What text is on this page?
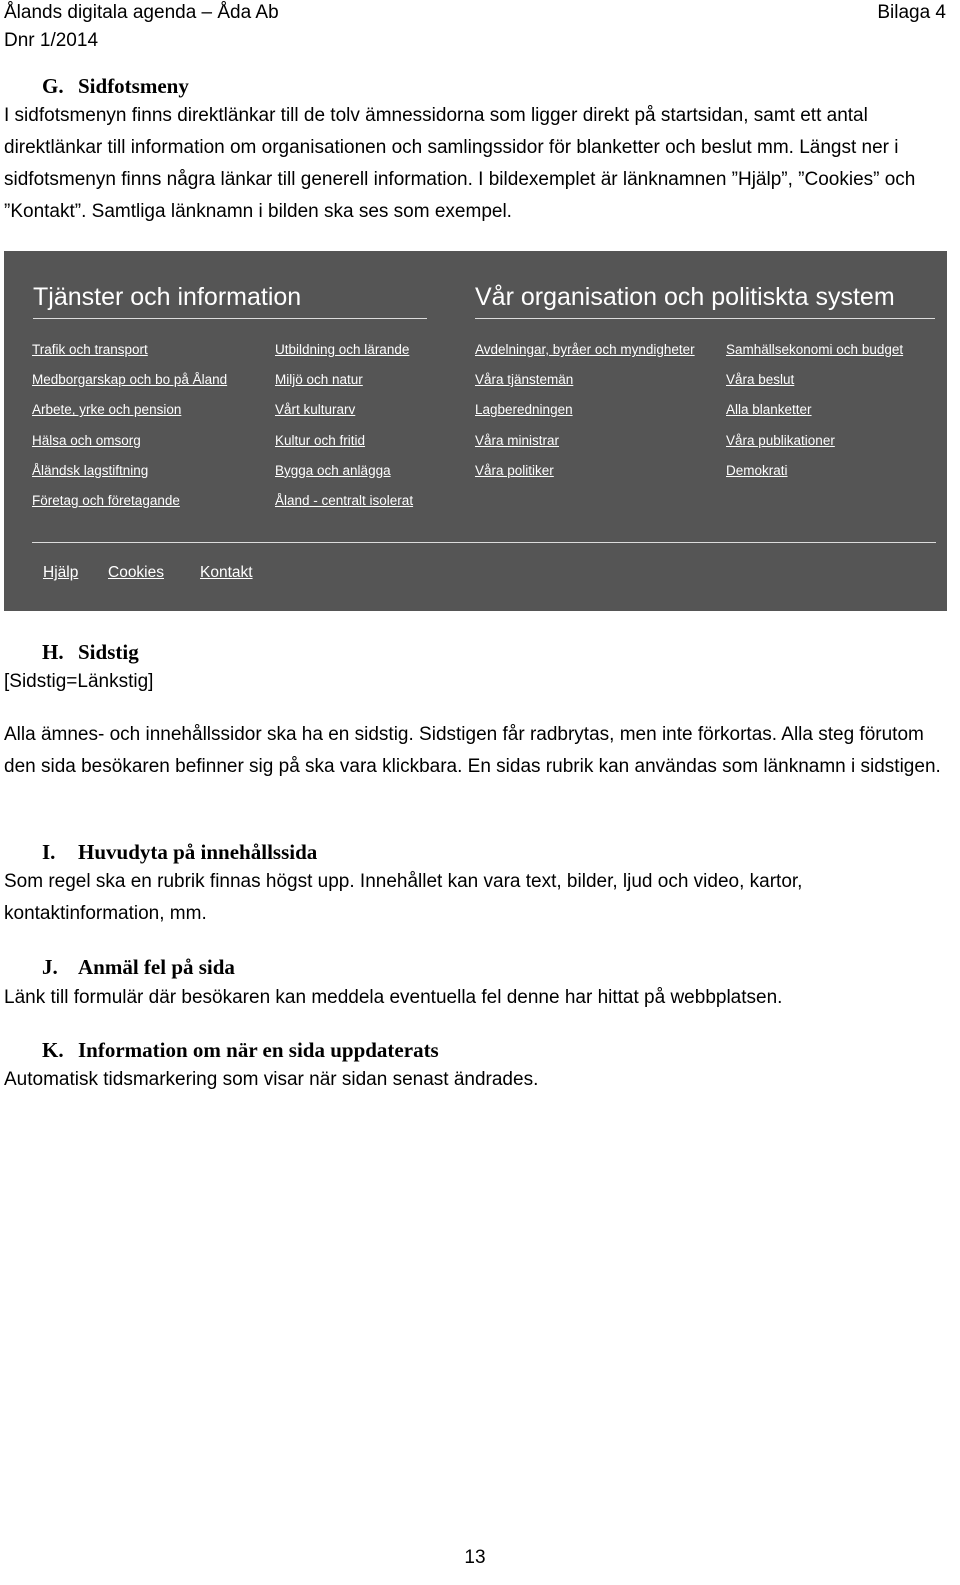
Ålands digitala agenda – Åda Ab
Dnr 1/2014
Bilaga 4
G. Sidfotsmeny

I sidfotsmenyn finns direktlänkar till de tolv ämnessidorna som ligger direkt på startsidan, samt ett antal direktlänkar till information om organisationen och samlingssidor för blanketter och beslut mm. Längst ner i sidfotsmenyn finns några länkar till generell information. I bildexemplet är länknamnen ”Hjälp”, ”Cookies” och ”Kontakt”. Samtliga länknamn i bilden ska ses som exempel.

Tjänster och information	Vår organisation och politiskta system
Trafik och transport
Medborgarskap och bo på Åland
Arbete, yrke och pension
Hälsa och omsorg
Åländsk lagstiftning
Företag och företagande
Utbildning och lärande
Miljö och natur
Vårt kulturarv
Kultur och fritid
Bygga och anlägga
Åland - centralt isolerat
Avdelningar, byråer och myndigheter
Våra tjänstemän
Lagberedningen
Våra ministrar
Våra politiker
Samhällsekonomi och budget
Våra beslut
Alla blanketter
Våra publikationer
Demokrati
Hjälp Cookies Kontakt
H. Sidstig

[Sidstig=Länkstig]

Alla ämnes- och innehållssidor ska ha en sidstig. Sidstigen får radbrytas, men inte förkortas. Alla steg förutom den sida besökaren befinner sig på ska vara klickbara. En sidas rubrik kan användas som länknamn i sidstigen.

I. Huvudyta på innehållssida

Som regel ska en rubrik finnas högst upp. Innehållet kan vara text, bilder, ljud och video, kartor, kontaktinformation, mm.

J. Anmäl fel på sida

Länk till formulär där besökaren kan meddela eventuella fel denne har hittat på webbplatsen.

K. Information om när en sida uppdaterats

Automatisk tidsmarkering som visar när sidan senast ändrades.

13
